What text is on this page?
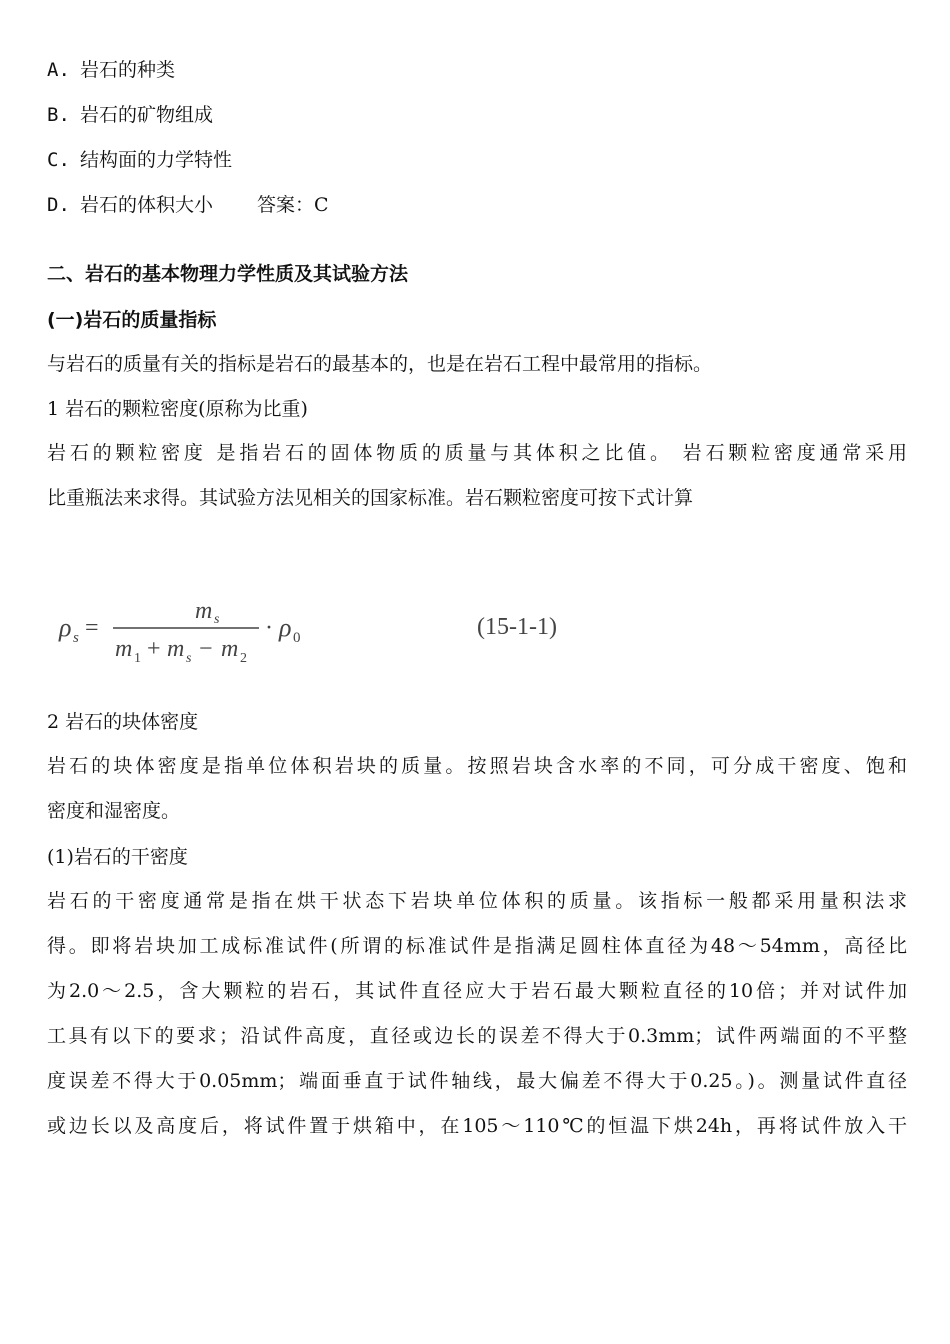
A. 岩石的种类
B. 岩石的矿物组成
C. 结构面的力学特性
D. 岩石的体积大小 答案：C
二、岩石的基本物理力学性质及其试验方法
(一)岩石的质量指标
与岩石的质量有关的指标是岩石的最基本的，也是在岩石工程中最常用的指标。
1 岩石的颗粒密度(原称为比重)
岩石的颗粒密度 是指岩石的固体物质的质量与其体积之比值。 岩石颗粒密度通常采用
比重瓶法来求得。其试验方法见相关的国家标准。岩石颗粒密度可按下式计算
2 岩石的块体密度
岩石的块体密度是指单位体积岩块的质量。按照岩块含水率的不同，可分成干密度、饱和
密度和湿密度。
(1)岩石的干密度
岩石的干密度通常是指在烘干状态下岩块单位体积的质量。该指标一般都采用量积法求
得。即将岩块加工成标准试件(所谓的标准试件是指满足圆柱体直径为48～54mm，高径比
为2.0～2.5，含大颗粒的岩石，其试件直径应大于岩石最大颗粒直径的10倍；并对试件加
工具有以下的要求；沿试件高度，直径或边长的误差不得大于0.3mm；试件两端面的不平整
度误差不得大于0.05mm；端面垂直于试件轴线，最大偏差不得大于0.25。)。测量试件直径
或边长以及高度后，将试件置于烘箱中，在105～110℃的恒温下烘24h，再将试件放入干
ρ s =
m s
m 1 + m s − m 2
· ρ 0	(15-1-1)
